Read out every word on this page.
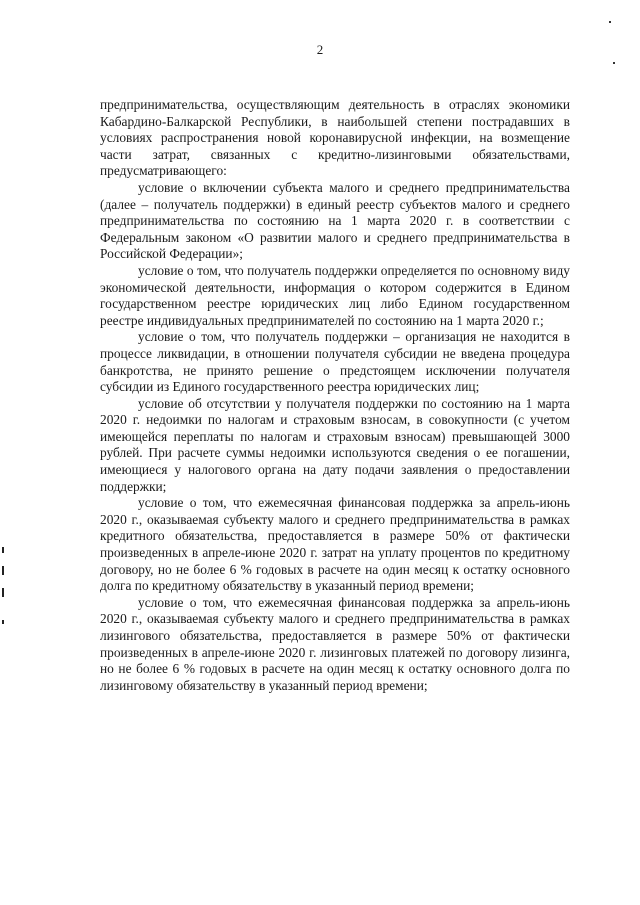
2

предпринимательства, осуществляющим деятельность в отраслях экономики Кабардино-Балкарской Республики, в наибольшей степени пострадавших в условиях распространения новой коронавирусной инфекции, на возмещение части затрат, связанных с кредитно-лизинговыми обязательствами, предусматривающего:

условие о включении субъекта малого и среднего предпринимательства (далее – получатель поддержки) в единый реестр субъектов малого и среднего предпринимательства по состоянию на 1 марта 2020 г. в соответствии с Федеральным законом «О развитии малого и среднего предпринимательства в Российской Федерации»;

условие о том, что получатель поддержки определяется по основному виду экономической деятельности, информация о котором содержится в Едином государственном реестре юридических лиц либо Едином государственном реестре индивидуальных предпринимателей по состоянию на 1 марта 2020 г.;

условие о том, что получатель поддержки – организация не находится в процессе ликвидации, в отношении получателя субсидии не введена процедура банкротства, не принято решение о предстоящем исключении получателя субсидии из Единого государственного реестра юридических лиц;

условие об отсутствии у получателя поддержки по состоянию на 1 марта 2020 г. недоимки по налогам и страховым взносам, в совокупности (с учетом имеющейся переплаты по налогам и страховым взносам) превышающей 3000 рублей. При расчете суммы недоимки используются сведения о ее погашении, имеющиеся у налогового органа на дату подачи заявления о предоставлении поддержки;

условие о том, что ежемесячная финансовая поддержка за апрель-июнь 2020 г., оказываемая субъекту малого и среднего предпринимательства в рамках кредитного обязательства, предоставляется в размере 50% от фактически произведенных в апреле-июне 2020 г. затрат на уплату процентов по кредитному договору, но не более 6 % годовых в расчете на один месяц к остатку основного долга по кредитному обязательству в указанный период времени;

условие о том, что ежемесячная финансовая поддержка за апрель-июнь 2020 г., оказываемая субъекту малого и среднего предпринимательства в рамках лизингового обязательства, предоставляется в размере 50% от фактически произведенных в апреле-июне 2020 г. лизинговых платежей по договору лизинга, но не более 6 % годовых в расчете на один месяц к остатку основного долга по лизинговому обязательству в указанный период времени;
